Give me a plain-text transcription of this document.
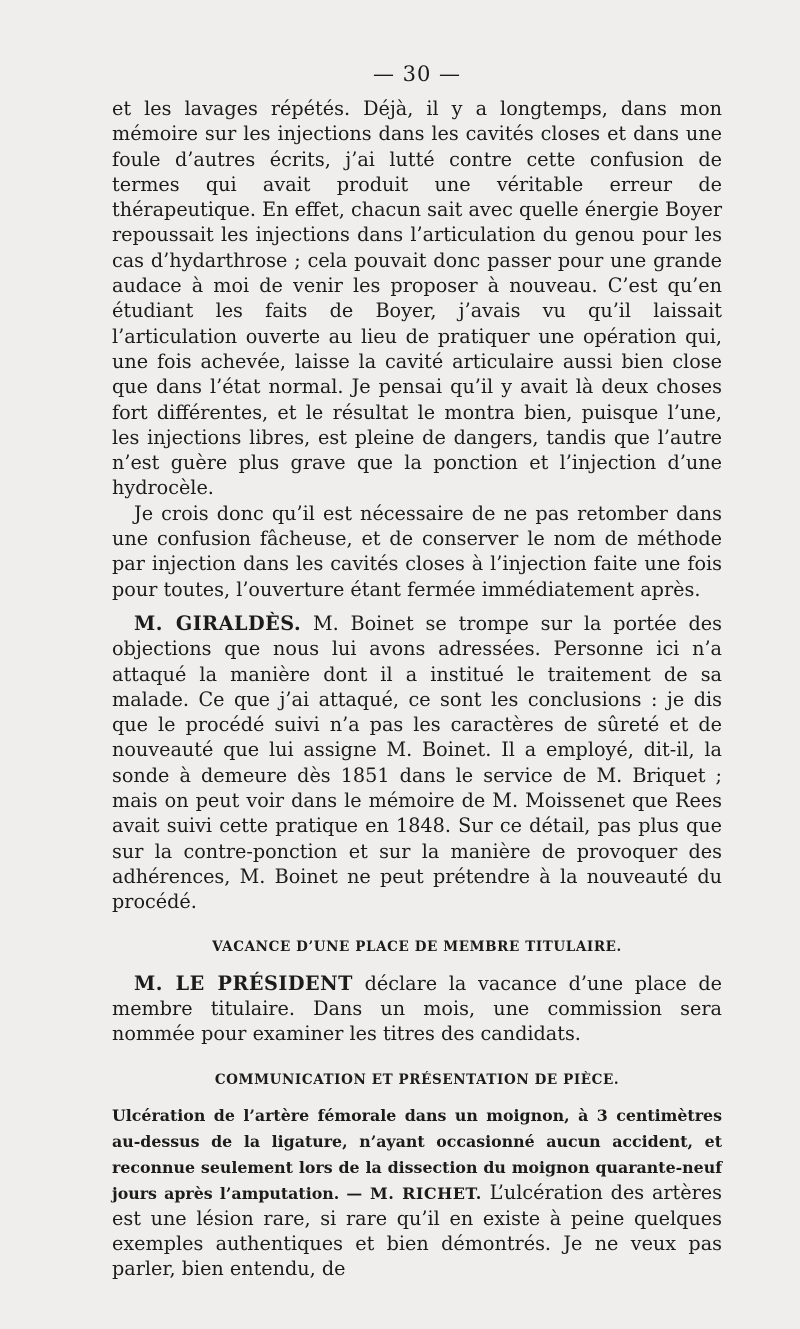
— 30 —

et les lavages répétés. Déjà, il y a longtemps, dans mon mémoire sur les injections dans les cavités closes et dans une foule d’autres écrits, j’ai lutté contre cette confusion de termes qui avait produit une véritable erreur de thérapeutique. En effet, chacun sait avec quelle énergie Boyer repoussait les injections dans l’articulation du genou pour les cas d’hydarthrose ; cela pouvait donc passer pour une grande audace à moi de venir les proposer à nouveau. C’est qu’en étudiant les faits de Boyer, j’avais vu qu’il laissait l’articulation ouverte au lieu de pratiquer une opération qui, une fois achevée, laisse la cavité articulaire aussi bien close que dans l’état normal. Je pensai qu’il y avait là deux choses fort différentes, et le résultat le montra bien, puisque l’une, les injections libres, est pleine de dangers, tandis que l’autre n’est guère plus grave que la ponction et l’injection d’une hydrocèle.

Je crois donc qu’il est nécessaire de ne pas retomber dans une confusion fâcheuse, et de conserver le nom de méthode par injection dans les cavités closes à l’injection faite une fois pour toutes, l’ouverture étant fermée immédiatement après.

M. GIRALDÈS. M. Boinet se trompe sur la portée des objections que nous lui avons adressées. Personne ici n’a attaqué la manière dont il a institué le traitement de sa malade. Ce que j’ai attaqué, ce sont les conclusions : je dis que le procédé suivi n’a pas les caractères de sûreté et de nouveauté que lui assigne M. Boinet. Il a employé, dit-il, la sonde à demeure dès 1851 dans le service de M. Briquet ; mais on peut voir dans le mémoire de M. Moissenet que Rees avait suivi cette pratique en 1848. Sur ce détail, pas plus que sur la contre-ponction et sur la manière de provoquer des adhérences, M. Boinet ne peut prétendre à la nouveauté du procédé.

VACANCE D’UNE PLACE DE MEMBRE TITULAIRE.

M. LE PRÉSIDENT déclare la vacance d’une place de membre titulaire. Dans un mois, une commission sera nommée pour examiner les titres des candidats.

COMMUNICATION ET PRÉSENTATION DE PIÈCE.

Ulcération de l’artère fémorale dans un moignon, à 3 centimètres au-dessus de la ligature, n’ayant occasionné aucun accident, et reconnue seulement lors de la dissection du moignon quarante-neuf jours après l’amputation. — M. RICHET. L’ulcération des artères est une lésion rare, si rare qu’il en existe à peine quelques exemples authentiques et bien démontrés. Je ne veux pas parler, bien entendu, de
